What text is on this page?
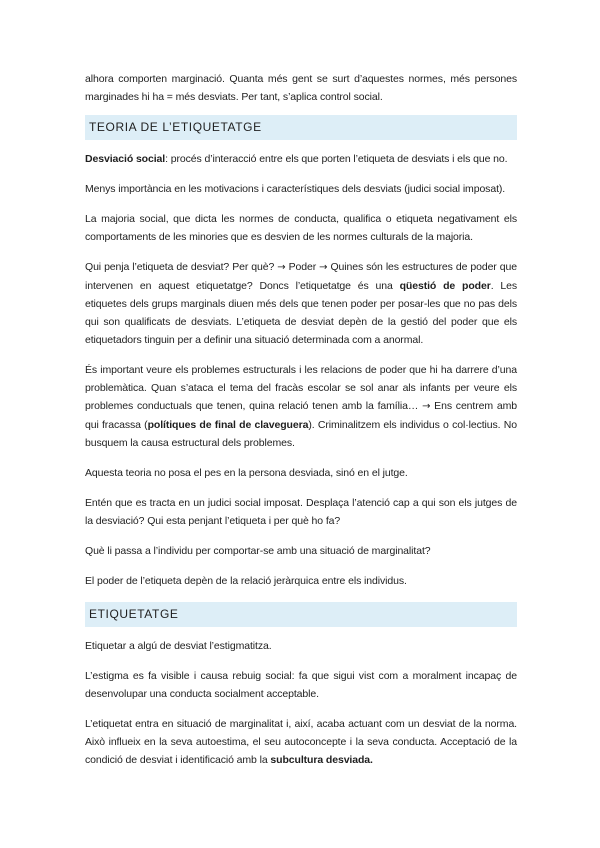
alhora comporten marginació. Quanta més gent se surt d’aquestes normes, més persones marginades hi ha = més desviats. Per tant, s’aplica control social.

TEORIA DE L’ETIQUETATGE

Desviació social: procés d’interacció entre els que porten l’etiqueta de desviats i els que no.

Menys importància en les motivacions i característiques dels desviats (judici social imposat).

La majoria social, que dicta les normes de conducta, qualifica o etiqueta negativament els comportaments de les minories que es desvien de les normes culturals de la majoria.

Qui penja l’etiqueta de desviat? Per què? → Poder → Quines són les estructures de poder que intervenen en aquest etiquetatge? Doncs l’etiquetatge és una qüestió de poder. Les etiquetes dels grups marginals diuen més dels que tenen poder per posar-les que no pas dels qui son qualificats de desviats. L’etiqueta de desviat depèn de la gestió del poder que els etiquetadors tinguin per a definir una situació determinada com a anormal.

És important veure els problemes estructurals i les relacions de poder que hi ha darrere d’una problemàtica. Quan s’ataca el tema del fracàs escolar se sol anar als infants per veure els problemes conductuals que tenen, quina relació tenen amb la família… → Ens centrem amb qui fracassa (polítiques de final de claveguera). Criminalitzem els individus o col·lectius. No busquem la causa estructural dels problemes.

Aquesta teoria no posa el pes en la persona desviada, sinó en el jutge.

Entén que es tracta en un judici social imposat. Desplaça l’atenció cap a qui son els jutges de la desviació? Qui esta penjant l’etiqueta i per què ho fa?

Què li passa a l’individu per comportar-se amb una situació de marginalitat?

El poder de l’etiqueta depèn de la relació jeràrquica entre els individus.

ETIQUETATGE

Etiquetar a algú de desviat l’estigmatitza.

L’estigma es fa visible i causa rebuig social: fa que sigui vist com a moralment incapaç de desenvolupar una conducta socialment acceptable.

L’etiquetat entra en situació de marginalitat i, així, acaba actuant com un desviat de la norma. Això influeix en la seva autoestima, el seu autoconcepte i la seva conducta. Acceptació de la condició de desviat i identificació amb la subcultura desviada.
